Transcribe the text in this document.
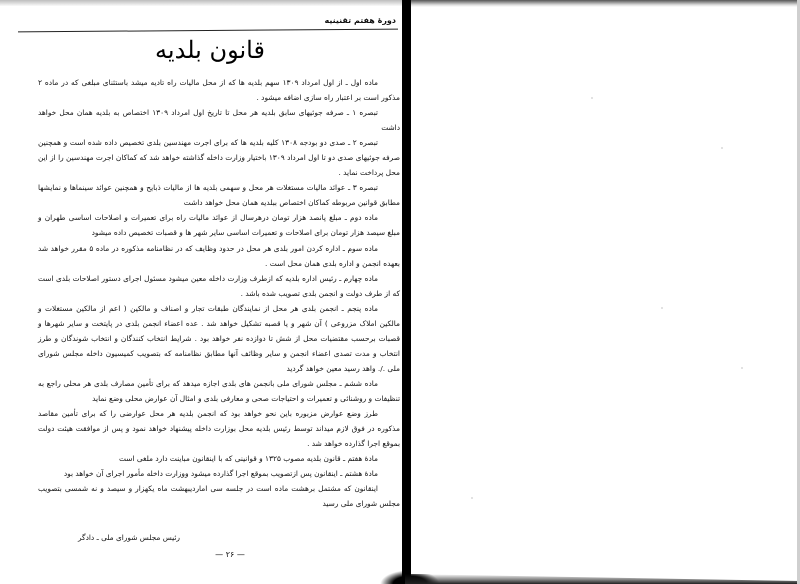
دورهٔ هفتم تقنینیه
قانون بلدیه

ماده اول ـ از اول امرداد ۱۳۰۹ سهم بلدیه ها که از محل مالیات راه تادیه میشد باستثنای مبلغی که در ماده ۲ مذکور است بر اعتبار راه سازی اضافه میشود .

تبصره ۱ ـ صرفه جوئیهای سابق بلدیه هر محل تا تاریخ اول امرداد ۱۳۰۹ اختصاص به بلدیه همان محل خواهد داشت

تبصره ۲ ـ صدی دو بودجه ۱۳۰۸ کلیه بلدیه ها که برای اجرت مهندسین بلدی تخصیص داده شده است و همچنین صرفه جوئیهای صدی دو تا اول امرداد ۱۳۰۹ باختیار وزارت داخله گذاشته خواهد شد که کماکان اجرت مهندسین را از این محل پرداخت نماید .

تبصره ۳ ـ عوائد مالیات مستغلات هر محل و سهمی بلدیه ها از مالیات ذبایح و همچنین عوائد سینماها و نمایشها مطابق قوانین مربوطه کماکان اختصاص ببلدیه همان محل خواهد داشت

ماده دوم ـ مبلغ پانصد هزار تومان درهرسال از عوائد مالیات راه برای تعمیرات و اصلاحات اساسی طهران و مبلغ سیصد هزار تومان برای اصلاحات و تعمیرات اساسی سایر شهر ها و قصبات تخصیص داده میشود

ماده سوم ـ اداره کردن امور بلدی هر محل در حدود وظایف که در نظامنامه مذکوره در ماده ۵ مقرر خواهد شد بعهده انجمن و اداره بلدی همان محل است .

ماده چهارم ـ رئیس اداره بلدیه که ازطرف وزارت داخله معین میشود مسئول اجرای دستور اصلاحات بلدی است که از طرف دولت و انجمن بلدی تصویب شده باشد .

ماده پنجم ـ انجمن بلدی هر محل از نمایندگان طبقات تجار و اصناف و مالکین ( اعم از مالکین مستغلات و مالکین املاک مزروعی ) آن شهر و یا قصبه تشکیل خواهد شد . عده اعضاء انجمن بلدی در پایتخت و سایر شهرها و قصبات برحسب مقتضیات محل از شش تا دوازده نفر خواهد بود . شرایط انتخاب کنندگان و انتخاب شوندگان و طرز انتخاب و مدت تصدی اعضاء انجمن و سایر وظائف آنها مطابق نظامنامه که بتصویب کمیسیون داخله مجلس شورای ملی ./. واهد رسید معین خواهد گردید

ماده ششم ـ مجلس شورای ملی بانجمن های بلدی اجازه میدهد که برای تأمین مصارف بلدی هر محلی راجع به تنظیفات و روشنائی و تعمیرات و احتیاجات صحی و معارفی بلدی و امثال آن عوارض محلی وضع نماید

طرز وضع عوارض مزبوره باین نحو خواهد بود که انجمن بلدیه هر محل عوارضی را که برای تأمین مقاصد مذکوره در فوق لازم میداند توسط رئیس بلدیه محل بوزارت داخله پیشنهاد خواهد نمود و پس از موافقت هیئت دولت بموقع اجرا گذارده خواهد شد .

مادهٔ هفتم ـ قانون بلدیه مصوب ۱۳۲۵ و قوانینی که با اینقانون مباینت دارد ملغی است

مادهٔ هشتم ـ اینقانون پس ازتصویب بموقع اجرا گذارده میشود ووزارت داخله مأمور اجرای آن خواهد بود

اینقانون که مشتمل برهشت ماده است در جلسه سی اماردیبهشت ماه یکهزار و سیصد و نه شمسی بتصویب مجلس شورای ملی رسید

رئیس مجلس شورای ملی ـ دادگر
— ۲۶ —
